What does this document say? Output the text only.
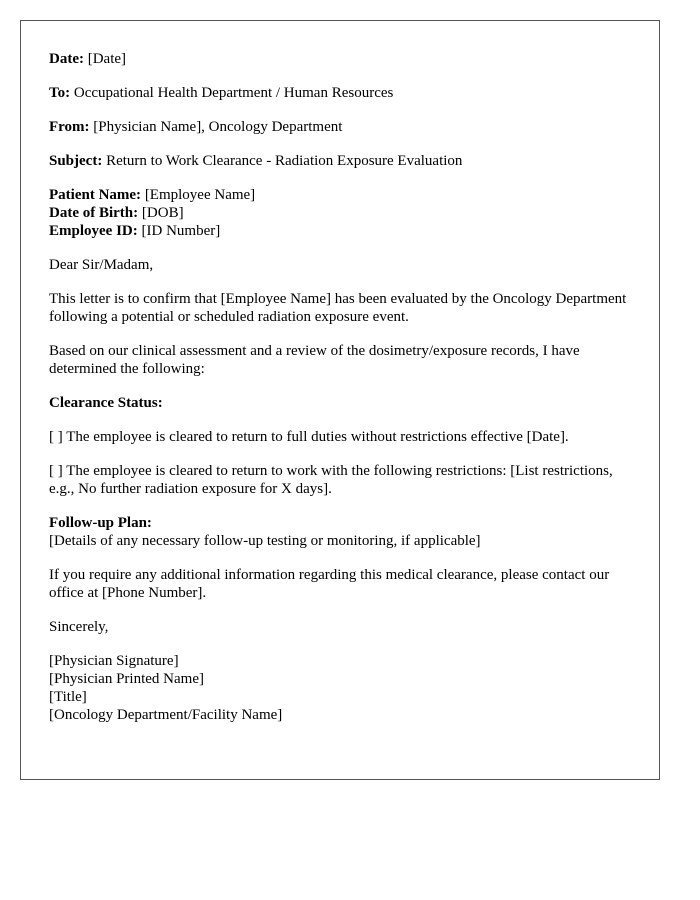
Date: [Date]

To: Occupational Health Department / Human Resources

From: [Physician Name], Oncology Department

Subject: Return to Work Clearance - Radiation Exposure Evaluation

Patient Name: [Employee Name]
Date of Birth: [DOB]
Employee ID: [ID Number]

Dear Sir/Madam,

This letter is to confirm that [Employee Name] has been evaluated by the Oncology Department following a potential or scheduled radiation exposure event.

Based on our clinical assessment and a review of the dosimetry/exposure records, I have determined the following:

Clearance Status:

[ ] The employee is cleared to return to full duties without restrictions effective [Date].

[ ] The employee is cleared to return to work with the following restrictions: [List restrictions, e.g., No further radiation exposure for X days].

Follow-up Plan:
[Details of any necessary follow-up testing or monitoring, if applicable]

If you require any additional information regarding this medical clearance, please contact our office at [Phone Number].

Sincerely,

[Physician Signature]
[Physician Printed Name]
[Title]
[Oncology Department/Facility Name]
